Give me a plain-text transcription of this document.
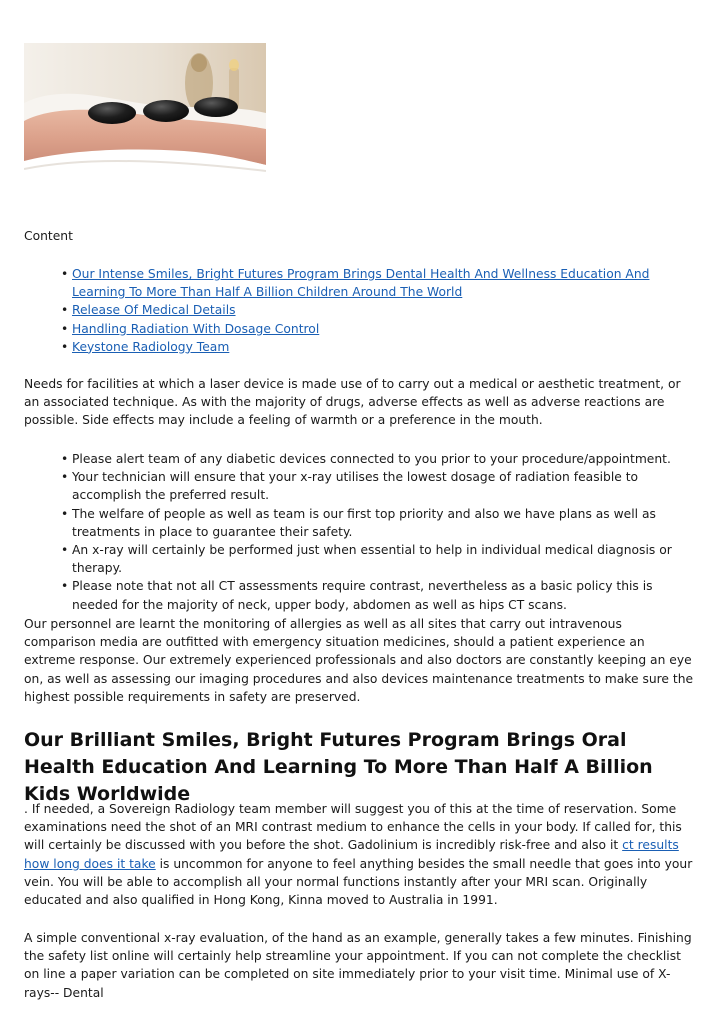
Content

• Our Intense Smiles, Bright Futures Program Brings Dental Health And Wellness Education And Learning To More Than Half A Billion Children Around The World
• Release Of Medical Details
• Handling Radiation With Dosage Control
• Keystone Radiology Team

Needs for facilities at which a laser device is made use of to carry out a medical or aesthetic treatment, or an associated technique. As with the majority of drugs, adverse effects as well as adverse reactions are possible. Side effects may include a feeling of warmth or a preference in the mouth.

• Please alert team of any diabetic devices connected to you prior to your procedure/appointment.
• Your technician will ensure that your x-ray utilises the lowest dosage of radiation feasible to accomplish the preferred result.
• The welfare of people as well as team is our first top priority and also we have plans as well as treatments in place to guarantee their safety.
• An x-ray will certainly be performed just when essential to help in individual medical diagnosis or therapy.
• Please note that not all CT assessments require contrast, nevertheless as a basic policy this is needed for the majority of neck, upper body, abdomen as well as hips CT scans.

Our personnel are learnt the monitoring of allergies as well as all sites that carry out intravenous comparison media are outfitted with emergency situation medicines, should a patient experience an extreme response. Our extremely experienced professionals and also doctors are constantly keeping an eye on, as well as assessing our imaging procedures and also devices maintenance treatments to make sure the highest possible requirements in safety are preserved.

Our Brilliant Smiles, Bright Futures Program Brings Oral Health Education And Learning To More Than Half A Billion Kids Worldwide

. If needed, a Sovereign Radiology team member will suggest you of this at the time of reservation. Some examinations need the shot of an MRI contrast medium to enhance the cells in your body. If called for, this will certainly be discussed with you before the shot. Gadolinium is incredibly risk-free and also it ct results how long does it take is uncommon for anyone to feel anything besides the small needle that goes into your vein. You will be able to accomplish all your normal functions instantly after your MRI scan. Originally educated and also qualified in Hong Kong, Kinna moved to Australia in 1991.

A simple conventional x-ray evaluation, of the hand as an example, generally takes a few minutes. Finishing the safety list online will certainly help streamline your appointment. If you can not complete the checklist on line a paper variation can be completed on site immediately prior to your visit time. Minimal use of X-rays-- Dental
